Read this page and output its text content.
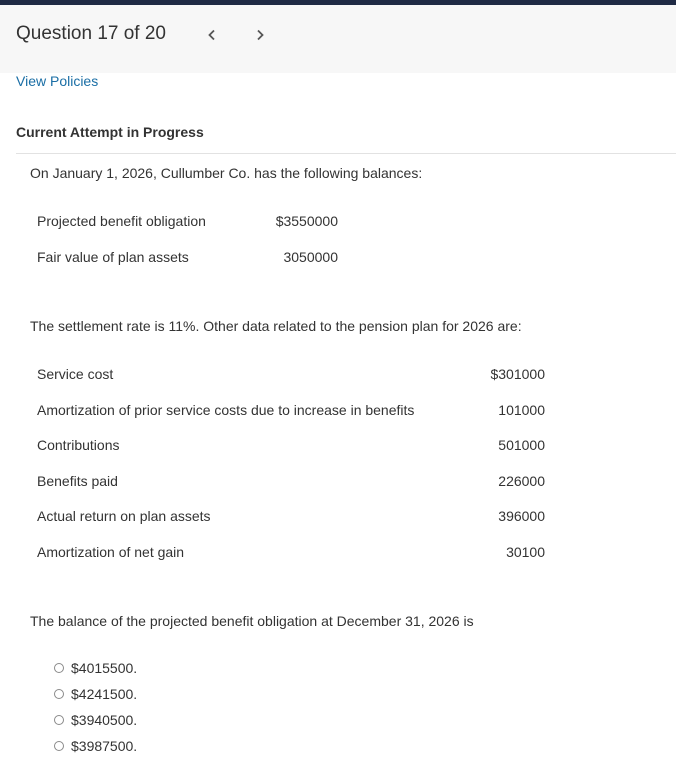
Question 17 of 20
View Policies
Current Attempt in Progress
On January 1, 2026, Cullumber Co. has the following balances:
Projected benefit obligation	$3550000
Fair value of plan assets	3050000
The settlement rate is 11%. Other data related to the pension plan for 2026 are:
Service cost	$301000
Amortization of prior service costs due to increase in benefits	101000
Contributions	501000
Benefits paid	226000
Actual return on plan assets	396000
Amortization of net gain	30100
The balance of the projected benefit obligation at December 31, 2026 is
$4015500.
$4241500.
$3940500.
$3987500.
